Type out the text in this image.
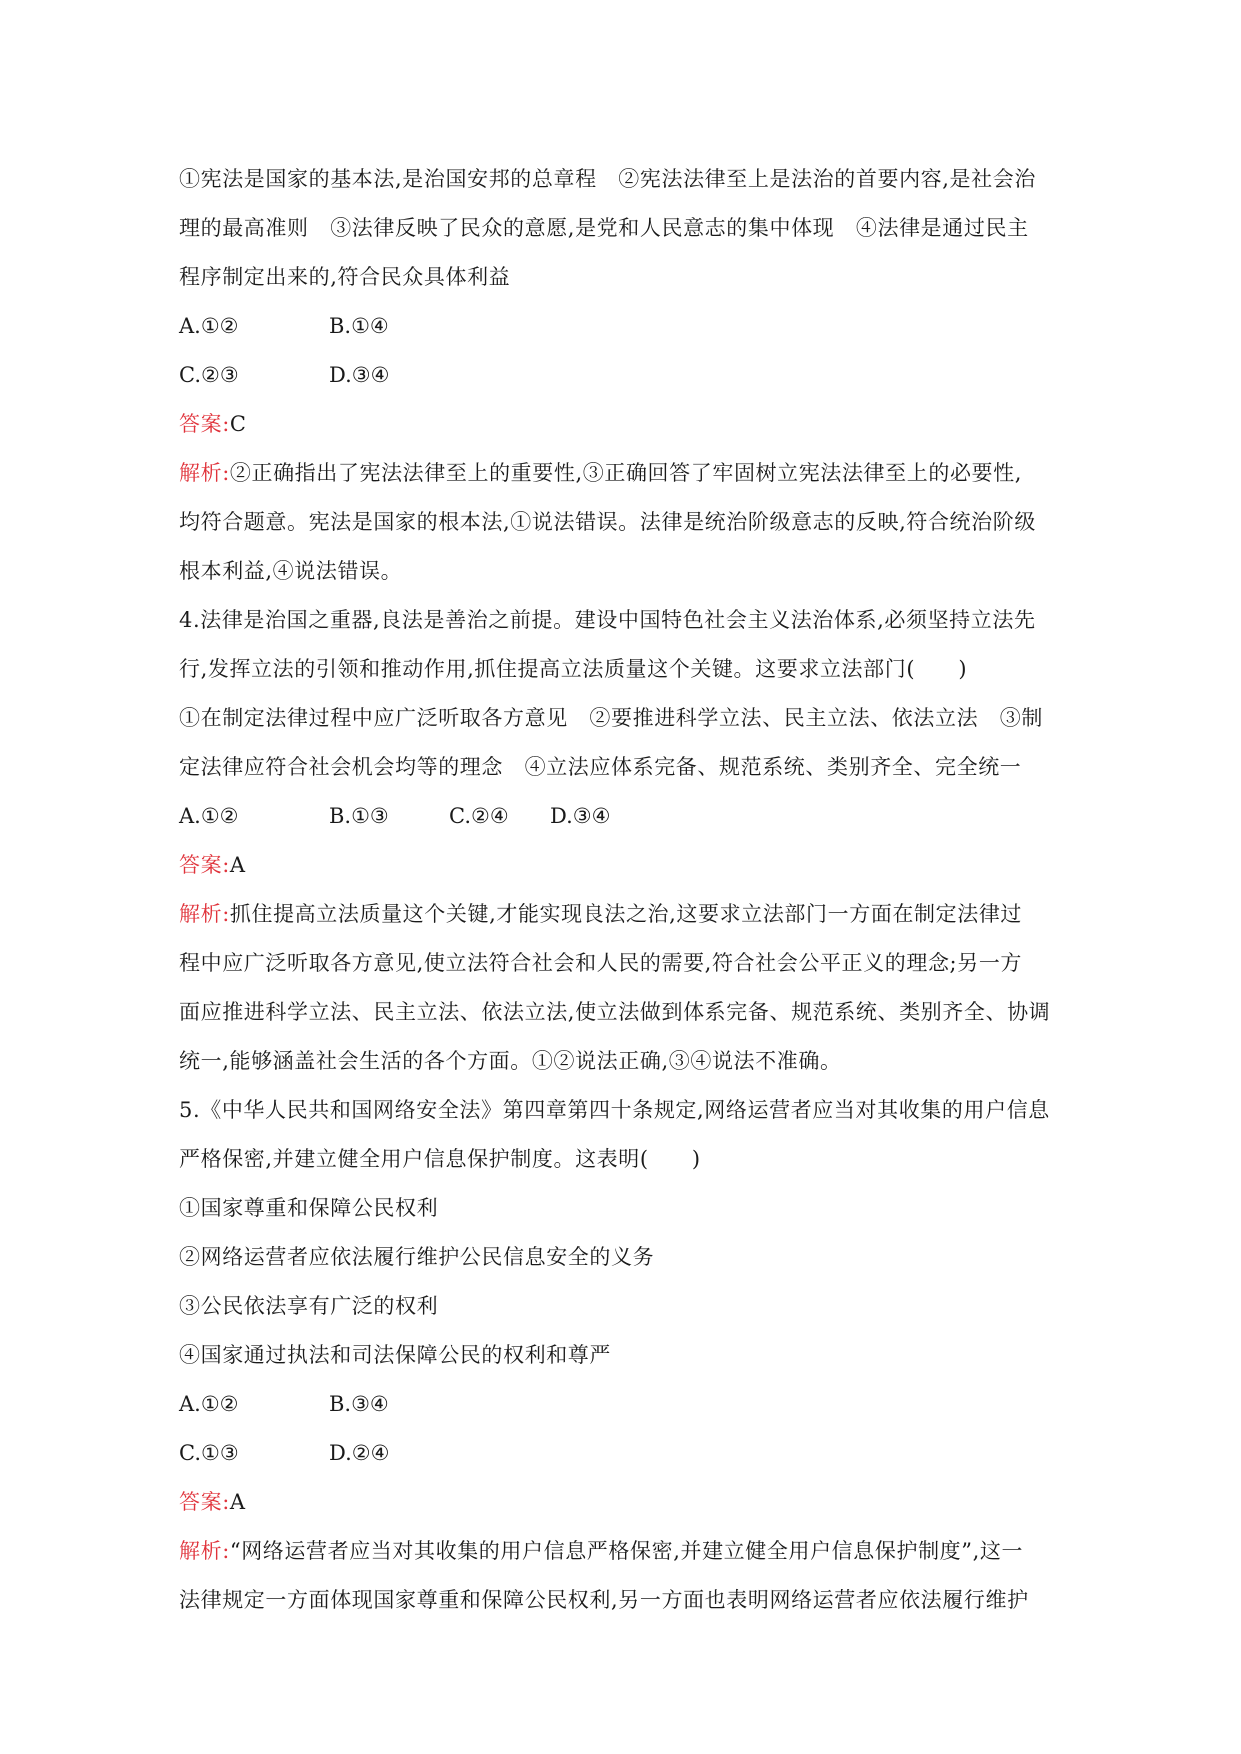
①宪法是国家的基本法,是治国安邦的总章程　②宪法法律至上是法治的首要内容,是社会治
理的最高准则　③法律反映了民众的意愿,是党和人民意志的集中体现　④法律是通过民主
程序制定出来的,符合民众具体利益
A.①②	B.①④
C.②③	D.③④
答案:C
解析:②正确指出了宪法法律至上的重要性,③正确回答了牢固树立宪法法律至上的必要性,
均符合题意。宪法是国家的根本法,①说法错误。法律是统治阶级意志的反映,符合统治阶级
根本利益,④说法错误。
4.法律是治国之重器,良法是善治之前提。建设中国特色社会主义法治体系,必须坚持立法先
行,发挥立法的引领和推动作用,抓住提高立法质量这个关键。这要求立法部门(　　)
①在制定法律过程中应广泛听取各方意见　②要推进科学立法、民主立法、依法立法　③制
定法律应符合社会机会均等的理念　④立法应体系完备、规范系统、类别齐全、完全统一
A.①②	B.①③	C.②④ D.③④
答案:A
解析:抓住提高立法质量这个关键,才能实现良法之治,这要求立法部门一方面在制定法律过
程中应广泛听取各方意见,使立法符合社会和人民的需要,符合社会公平正义的理念;另一方
面应推进科学立法、民主立法、依法立法,使立法做到体系完备、规范系统、类别齐全、协调
统一,能够涵盖社会生活的各个方面。①②说法正确,③④说法不准确。
5.《中华人民共和国网络安全法》第四章第四十条规定,网络运营者应当对其收集的用户信息
严格保密,并建立健全用户信息保护制度。这表明(　　)
①国家尊重和保障公民权利
②网络运营者应依法履行维护公民信息安全的义务
③公民依法享有广泛的权利
④国家通过执法和司法保障公民的权利和尊严
A.①②	B.③④
C.①③	D.②④
答案:A
解析:“网络运营者应当对其收集的用户信息严格保密,并建立健全用户信息保护制度”,这一
法律规定一方面体现国家尊重和保障公民权利,另一方面也表明网络运营者应依法履行维护
